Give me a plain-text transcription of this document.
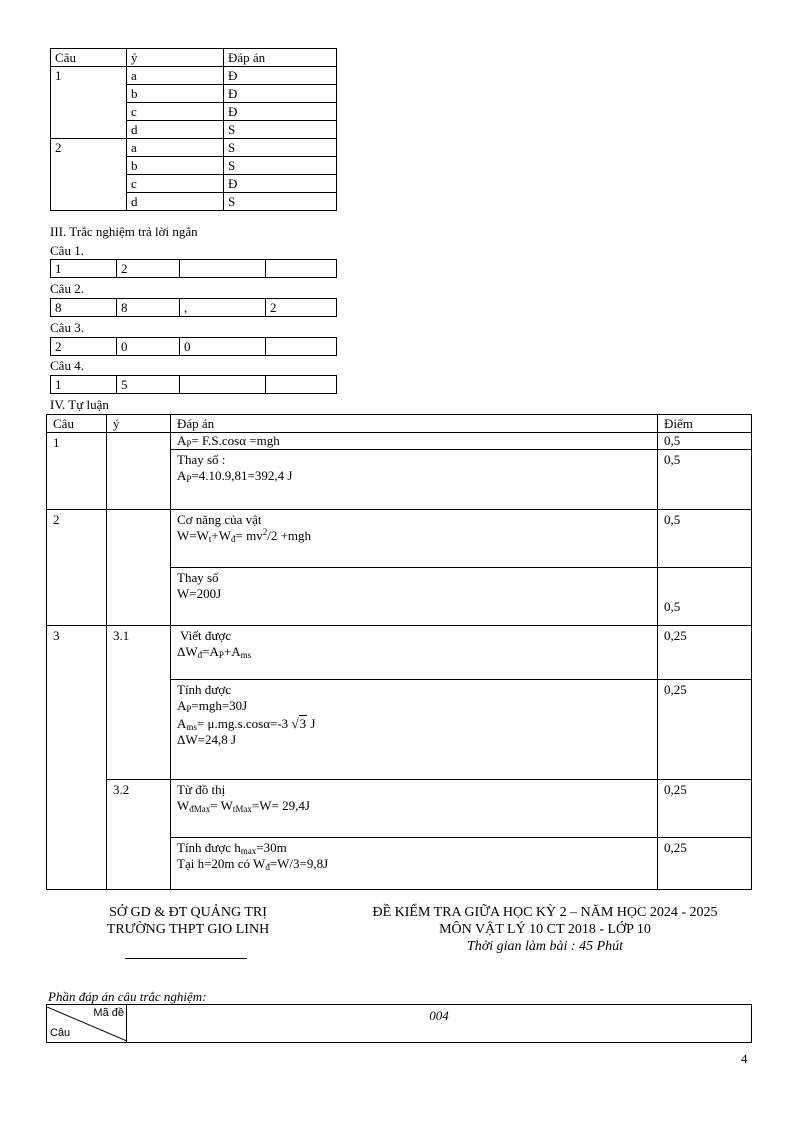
Câu	ý	Đáp án
1	a	Đ
	b	Đ
	c	Đ
	d	S
2	a	S
	b	S
	c	Đ
	d	S
III. Trắc nghiệm trả lời ngắn
Câu 1.
1	2		
Câu 2.
8	8	,	2
Câu 3.
2	0	0	
Câu 4.
1	5		
IV. Tự luận
Câu	ý	Đáp án	Điểm
1		$A_P= F.S.\cos\alpha =mgh$	0,5

		Thay số :
$A_P=4.10.9,81=392,4$ J	0,5
2		Cơ năng của vật
$W=W_t+W_đ= mv^2/2 +mgh$	0,5

		Thay số
W=200J	0,5
3	3.1	Viết được
$\Delta W_đ=A_P+A_{ms}$	0,25

		Tính được
$A_P=mgh=30J$
$A_{ms}= \mu.mg.s.\cos\alpha=-3$ √3 J
ΔW=24,8 J	0,25
	3.2	Từ đồ thị
$W_{đMax}= W_{tMax}=W= 29,4J$	0,25

		Tính được $h_{max}=30m$
Tại h=20m có $W_đ=W/3=9,8J$	0,25
SỞ GD & ĐT QUẢNG TRỊ
TRƯỜNG THPT GIO LINH
ĐỀ KIỂM TRA GIỮA HỌC KỲ 2 – NĂM HỌC 2024 - 2025
MÔN VẬT LÝ 10 CT 2018 - LỚP 10
Thời gian làm bài : 45 Phút
Phần đáp án câu trắc nghiệm:
Mã đề
Câu
	004
4
